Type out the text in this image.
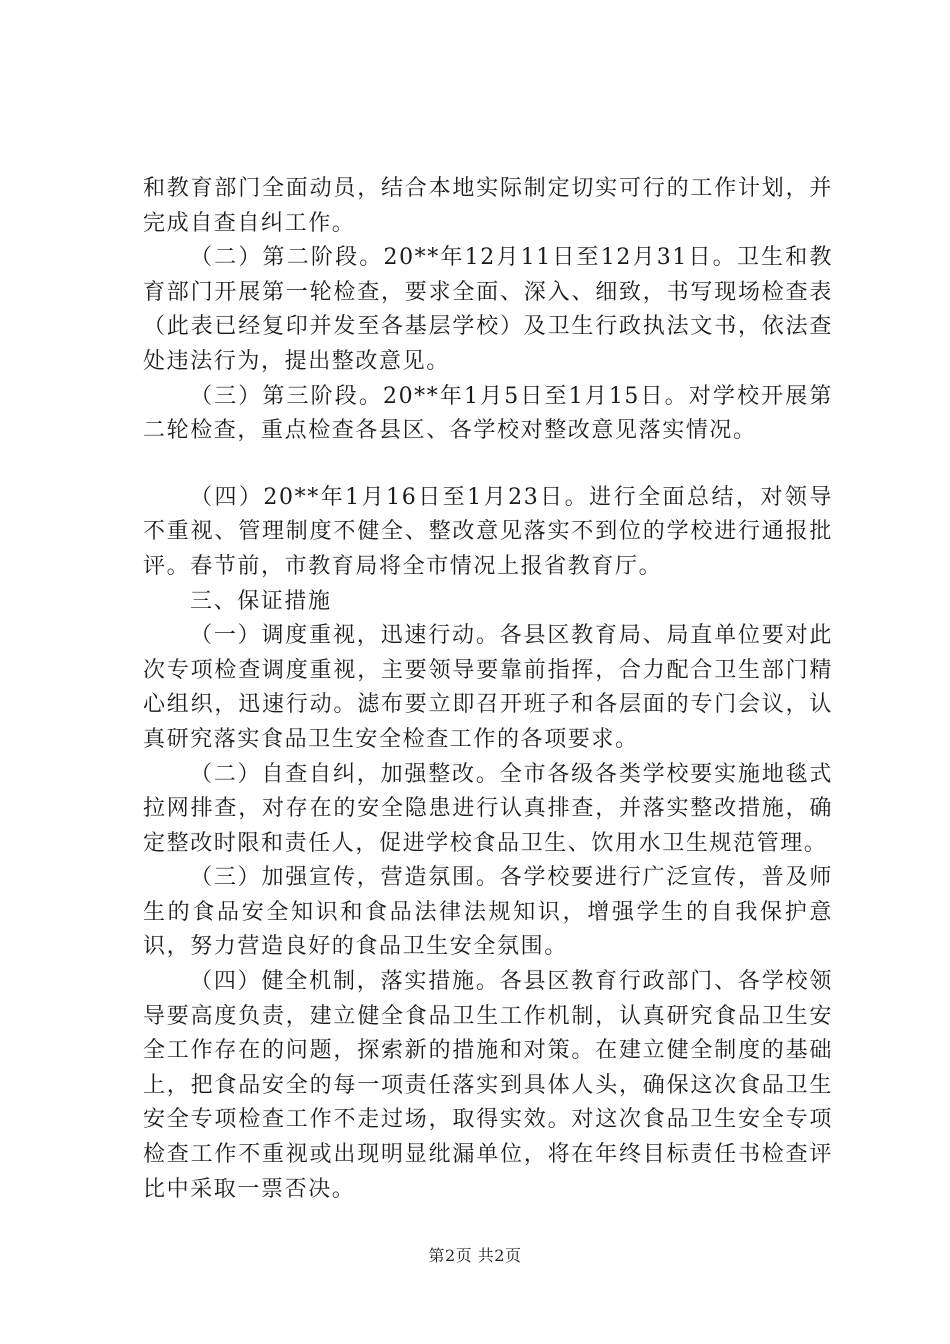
和教育部门全面动员，结合本地实际制定切实可行的工作计划，并完成自查自纠工作。

（二）第二阶段。20**年12月11日至12月31日。卫生和教育部门开展第一轮检查，要求全面、深入、细致，书写现场检查表（此表已经复印并发至各基层学校）及卫生行政执法文书，依法查处违法行为，提出整改意见。

（三）第三阶段。20**年1月5日至1月15日。对学校开展第二轮检查，重点检查各县区、各学校对整改意见落实情况。

（四）20**年1月16日至1月23日。进行全面总结，对领导不重视、管理制度不健全、整改意见落实不到位的学校进行通报批评。春节前，市教育局将全市情况上报省教育厅。

三、保证措施

（一）调度重视，迅速行动。各县区教育局、局直单位要对此次专项检查调度重视，主要领导要靠前指挥，合力配合卫生部门精心组织，迅速行动。滤布要立即召开班子和各层面的专门会议，认真研究落实食品卫生安全检查工作的各项要求。

（二）自查自纠，加强整改。全市各级各类学校要实施地毯式拉网排查，对存在的安全隐患进行认真排查，并落实整改措施，确定整改时限和责任人，促进学校食品卫生、饮用水卫生规范管理。

（三）加强宣传，营造氛围。各学校要进行广泛宣传，普及师生的食品安全知识和食品法律法规知识，增强学生的自我保护意识，努力营造良好的食品卫生安全氛围。

（四）健全机制，落实措施。各县区教育行政部门、各学校领导要高度负责，建立健全食品卫生工作机制，认真研究食品卫生安全工作存在的问题，探索新的措施和对策。在建立健全制度的基础上，把食品安全的每一项责任落实到具体人头，确保这次食品卫生安全专项检查工作不走过场，取得实效。对这次食品卫生安全专项检查工作不重视或出现明显纰漏单位，将在年终目标责任书检查评比中采取一票否决。

第2页 共2页
